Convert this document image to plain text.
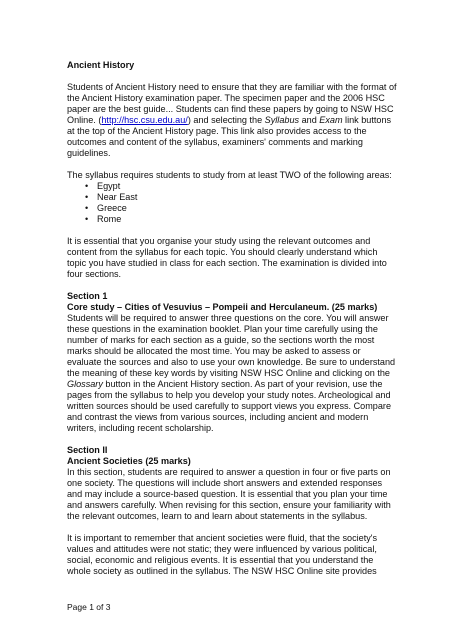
Ancient History

Students of Ancient History need to ensure that they are familiar with the format of the Ancient History examination paper. The specimen paper and the 2006 HSC paper are the best guide... Students can find these papers by going to NSW HSC Online. (http://hsc.csu.edu.au/) and selecting the Syllabus and Exam link buttons at the top of the Ancient History page. This link also provides access to the outcomes and content of the syllabus, examiners' comments and marking guidelines.

The syllabus requires students to study from at least TWO of the following areas:

• Egypt
• Near East
• Greece
• Rome

It is essential that you organise your study using the relevant outcomes and content from the syllabus for each topic. You should clearly understand which topic you have studied in class for each section. The examination is divided into four sections.

Section 1

Core study – Cities of Vesuvius – Pompeii and Herculaneum. (25 marks)

Students will be required to answer three questions on the core. You will answer these questions in the examination booklet. Plan your time carefully using the number of marks for each section as a guide, so the sections worth the most marks should be allocated the most time. You may be asked to assess or evaluate the sources and also to use your own knowledge. Be sure to understand the meaning of these key words by visiting NSW HSC Online and clicking on the Glossary button in the Ancient History section. As part of your revision, use the pages from the syllabus to help you develop your study notes. Archeological and written sources should be used carefully to support views you express. Compare and contrast the views from various sources, including ancient and modern writers, including recent scholarship.

Section II

Ancient Societies (25 marks)

In this section, students are required to answer a question in four or five parts on one society. The questions will include short answers and extended responses and may include a source-based question. It is essential that you plan your time and answers carefully. When revising for this section, ensure your familiarity with the relevant outcomes, learn to and learn about statements in the syllabus.

It is important to remember that ancient societies were fluid, that the society's values and attitudes were not static; they were influenced by various political, social, economic and religious events. It is essential that you understand the whole society as outlined in the syllabus. The NSW HSC Online site provides

Page 1 of 3
